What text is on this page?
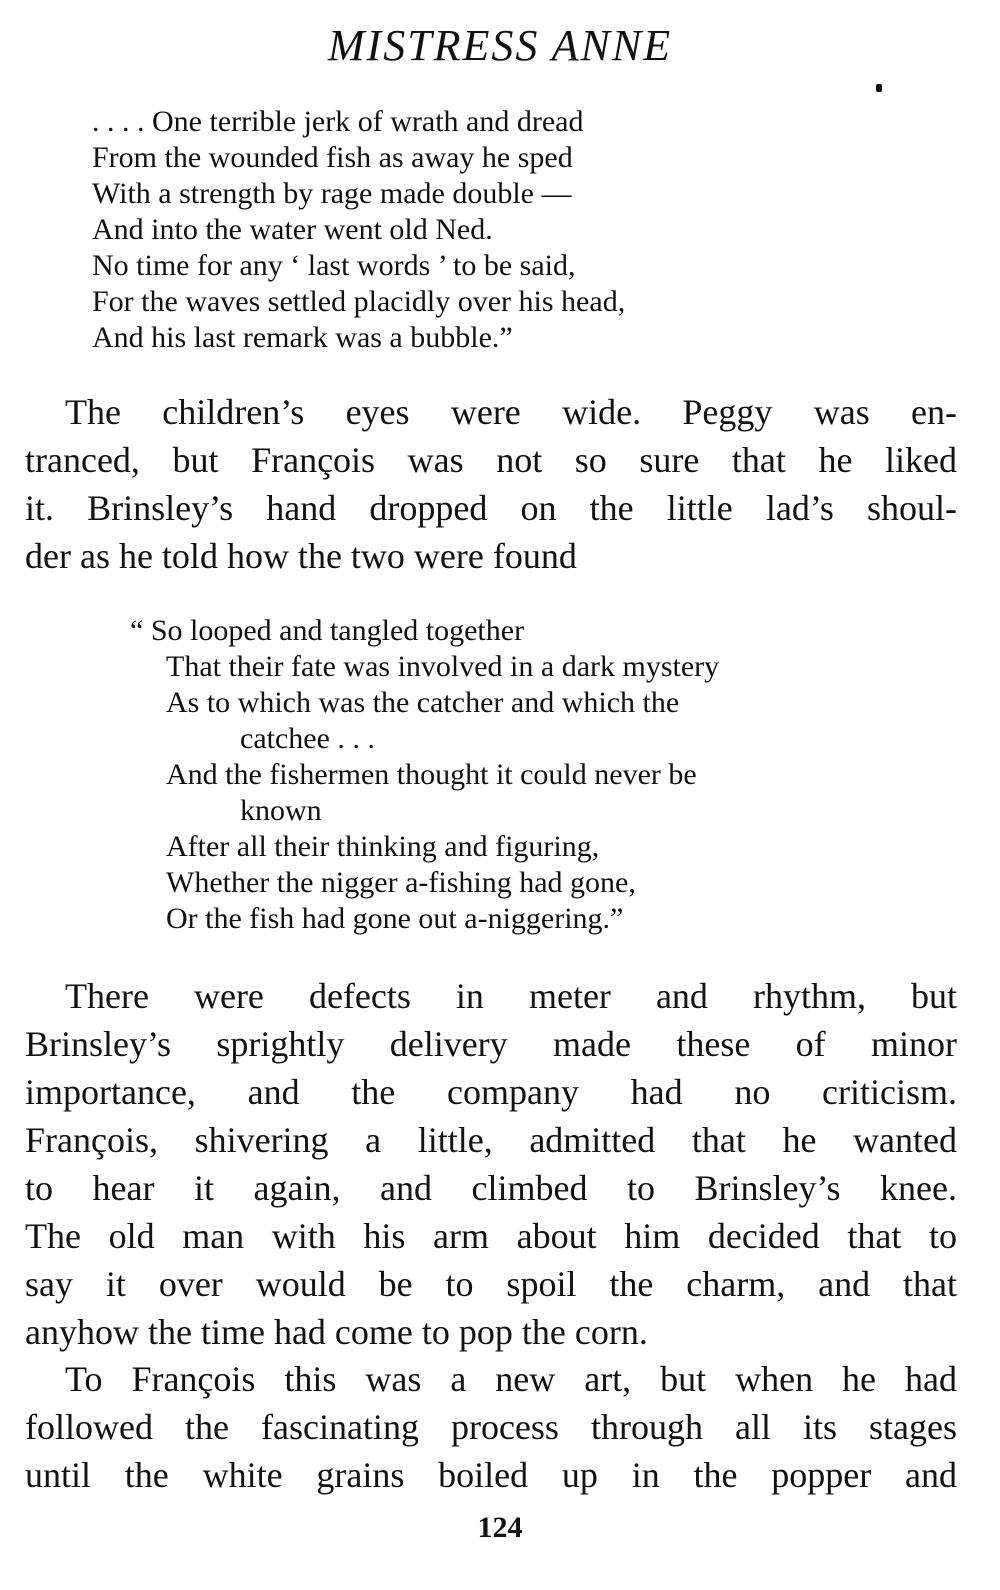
MISTRESS ANNE
. . . . One terrible jerk of wrath and dread
From the wounded fish as away he sped
With a strength by rage made double —
And into the water went old Ned.
No time for any ‘ last words ’ to be said,
For the waves settled placidly over his head,
And his last remark was a bubble.”
The children’s eyes were wide. Peggy was en-
tranced, but François was not so sure that he liked
it. Brinsley’s hand dropped on the little lad’s shoul-
der as he told how the two were found
“ So looped and tangled together
That their fate was involved in a dark mystery
As to which was the catcher and which the
catchee . . .
And the fishermen thought it could never be
known
After all their thinking and figuring,
Whether the nigger a-fishing had gone,
Or the fish had gone out a-niggering.”
There were defects in meter and rhythm, but
Brinsley’s sprightly delivery made these of minor
importance, and the company had no criticism.
François, shivering a little, admitted that he wanted
to hear it again, and climbed to Brinsley’s knee.
The old man with his arm about him decided that to
say it over would be to spoil the charm, and that
anyhow the time had come to pop the corn.
To François this was a new art, but when he had
followed the fascinating process through all its stages
until the white grains boiled up in the popper and
124
